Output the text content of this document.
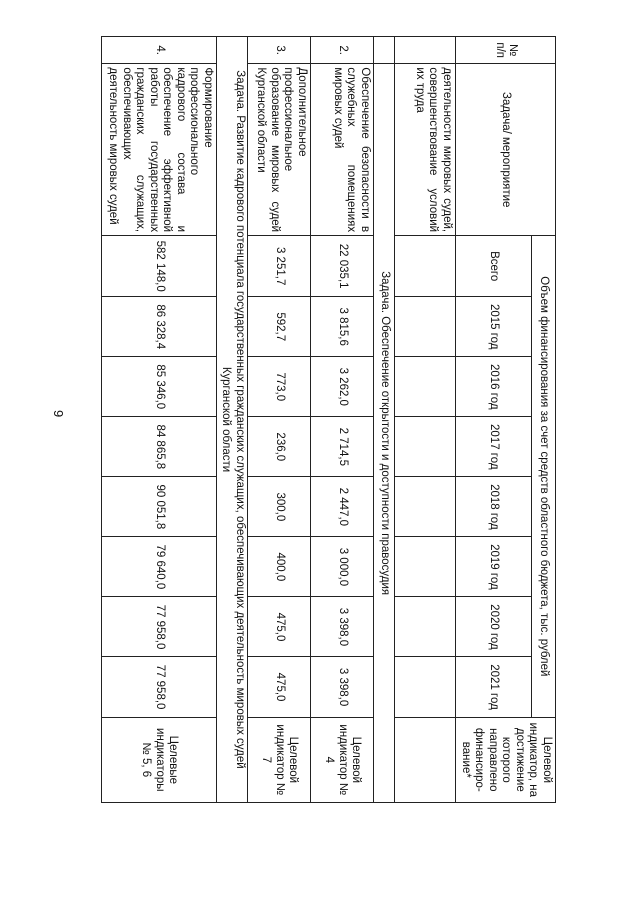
9
№ п/п	Задача/ мероприятие	Объем финансирования за счет средств областного бюджета, тыс. рублей								Целевой индикатор, на достижение которого направлено финансиро-вание*
		Всего	2015 год	2016 год	2017 год	2018 год	2019 год	2020 год	2021 год	
	деятельности мировых судей, совершенствование условий их труда									
	Задача. Обеспечение открытости и доступности правосудия									
2.	Обеспечение безопасности в служебных помещениях мировых судей	22 035,1	3 815,6	3 262,0	2 714,5	2 447,0	3 000,0	3 398,0	3 398,0	Целевой индикатор № 4
3.	Дополнительное профессиональное образование мировых судей Курганской области	3 251,7	592,7	773,0	236,0	300,0	400,0	475,0	475,0	Целевой индикатор № 7
Задача. Развитие кадрового потенциала государственных гражданских служащих, обеспечивающих деятельность мировых судей Курганской области										
4.	Формирование профессионального кадрового состава и обеспечение эффективной работы государственных гражданских служащих, обеспечивающих деятельность мировых судей	582 148,0	86 328,4	85 346,0	84 865,8	90 051,8	79 640,0	77 958,0	77 958,0	Целевые индикаторы № 5, 6
